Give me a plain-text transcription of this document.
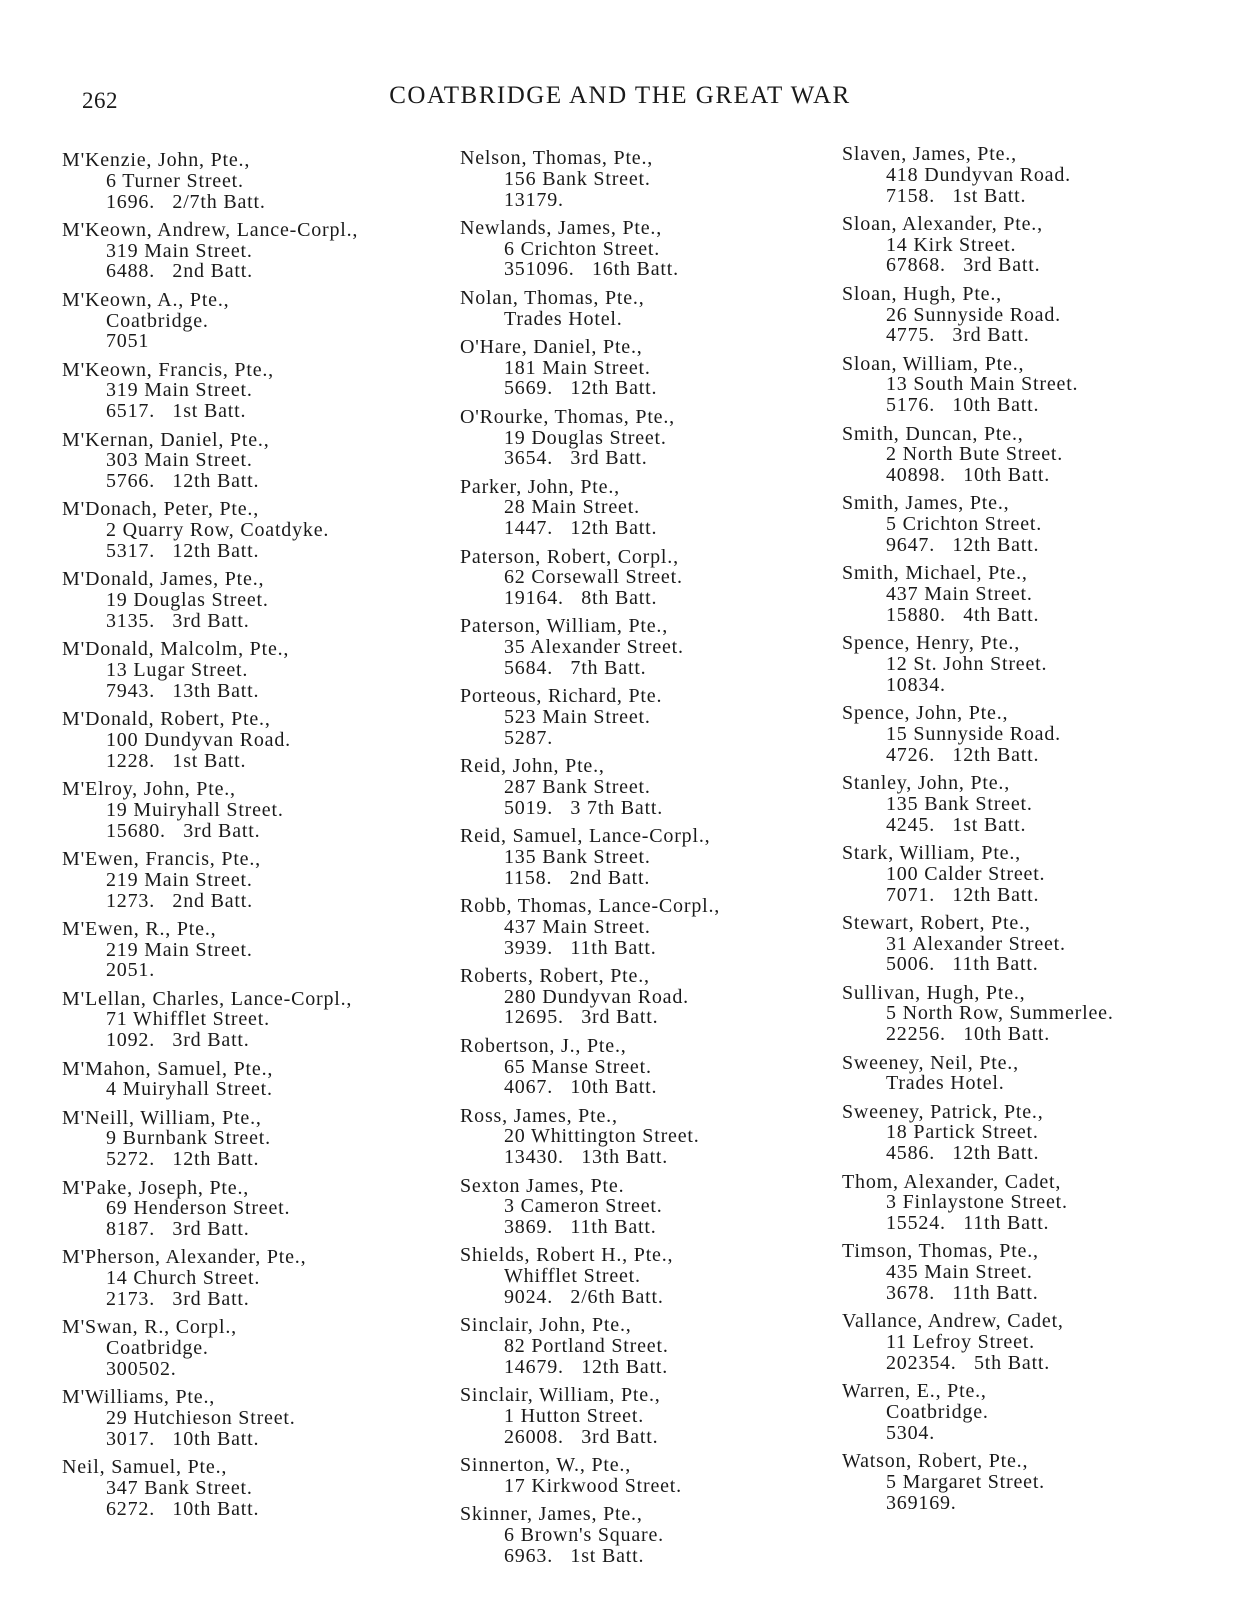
262	COATBRIDGE AND THE GREAT WAR
M'Kenzie, John, Pte.,
6 Turner Street.
1696.   2/7th Batt.
M'Keown, Andrew, Lance-Corpl.,
319 Main Street.
6488.   2nd Batt.
M'Keown, A., Pte.,
Coatbridge.
7051
M'Keown, Francis, Pte.,
319 Main Street.
6517.   1st Batt.
M'Kernan, Daniel, Pte.,
303 Main Street.
5766.   12th Batt.
M'Donach, Peter, Pte.,
2 Quarry Row, Coatdyke.
5317.   12th Batt.
M'Donald, James, Pte.,
19 Douglas Street.
3135.   3rd Batt.
M'Donald, Malcolm, Pte.,
13 Lugar Street.
7943.   13th Batt.
M'Donald, Robert, Pte.,
100 Dundyvan Road.
1228.   1st Batt.
M'Elroy, John, Pte.,
19 Muiryhall Street.
15680.   3rd Batt.
M'Ewen, Francis, Pte.,
219 Main Street.
1273.   2nd Batt.
M'Ewen, R., Pte.,
219 Main Street.
2051.
M'Lellan, Charles, Lance-Corpl.,
71 Whifflet Street.
1092.   3rd Batt.
M'Mahon, Samuel, Pte.,
4 Muiryhall Street.
M'Neill, William, Pte.,
9 Burnbank Street.
5272.   12th Batt.
M'Pake, Joseph, Pte.,
69 Henderson Street.
8187.   3rd Batt.
M'Pherson, Alexander, Pte.,
14 Church Street.
2173.   3rd Batt.
M'Swan, R., Corpl.,
Coatbridge.
300502.
M'Williams, Pte.,
29 Hutchieson Street.
3017.   10th Batt.
Neil, Samuel, Pte.,
347 Bank Street.
6272.   10th Batt.
Nelson, Thomas, Pte.,
156 Bank Street.
13179.
Newlands, James, Pte.,
6 Crichton Street.
351096.   16th Batt.
Nolan, Thomas, Pte.,
Trades Hotel.
O'Hare, Daniel, Pte.,
181 Main Street.
5669.   12th Batt.
O'Rourke, Thomas, Pte.,
19 Douglas Street.
3654.   3rd Batt.
Parker, John, Pte.,
28 Main Street.
1447.   12th Batt.
Paterson, Robert, Corpl.,
62 Corsewall Street.
19164.   8th Batt.
Paterson, William, Pte.,
35 Alexander Street.
5684.   7th Batt.
Porteous, Richard, Pte.
523 Main Street.
5287.
Reid, John, Pte.,
287 Bank Street.
5019.   3 7th Batt.
Reid, Samuel, Lance-Corpl.,
135 Bank Street.
1158.   2nd Batt.
Robb, Thomas, Lance-Corpl.,
437 Main Street.
3939.   11th Batt.
Roberts, Robert, Pte.,
280 Dundyvan Road.
12695.   3rd Batt.
Robertson, J., Pte.,
65 Manse Street.
4067.   10th Batt.
Ross, James, Pte.,
20 Whittington Street.
13430.   13th Batt.
Sexton James, Pte.
3 Cameron Street.
3869.   11th Batt.
Shields, Robert H., Pte.,
Whifflet Street.
9024.   2/6th Batt.
Sinclair, John, Pte.,
82 Portland Street.
14679.   12th Batt.
Sinclair, William, Pte.,
1 Hutton Street.
26008.   3rd Batt.
Sinnerton, W., Pte.,
17 Kirkwood Street.
Skinner, James, Pte.,
6 Brown's Square.
6963.   1st Batt.
Slaven, James, Pte.,
418 Dundyvan Road.
7158.   1st Batt.
Sloan, Alexander, Pte.,
14 Kirk Street.
67868.   3rd Batt.
Sloan, Hugh, Pte.,
26 Sunnyside Road.
4775.   3rd Batt.
Sloan, William, Pte.,
13 South Main Street.
5176.   10th Batt.
Smith, Duncan, Pte.,
2 North Bute Street.
40898.   10th Batt.
Smith, James, Pte.,
5 Crichton Street.
9647.   12th Batt.
Smith, Michael, Pte.,
437 Main Street.
15880.   4th Batt.
Spence, Henry, Pte.,
12 St. John Street.
10834.
Spence, John, Pte.,
15 Sunnyside Road.
4726.   12th Batt.
Stanley, John, Pte.,
135 Bank Street.
4245.   1st Batt.
Stark, William, Pte.,
100 Calder Street.
7071.   12th Batt.
Stewart, Robert, Pte.,
31 Alexander Street.
5006.   11th Batt.
Sullivan, Hugh, Pte.,
5 North Row, Summerlee.
22256.   10th Batt.
Sweeney, Neil, Pte.,
Trades Hotel.
Sweeney, Patrick, Pte.,
18 Partick Street.
4586.   12th Batt.
Thom, Alexander, Cadet,
3 Finlaystone Street.
15524.   11th Batt.
Timson, Thomas, Pte.,
435 Main Street.
3678.   11th Batt.
Vallance, Andrew, Cadet,
11 Lefroy Street.
202354.   5th Batt.
Warren, E., Pte.,
Coatbridge.
5304.
Watson, Robert, Pte.,
5 Margaret Street.
369169.
